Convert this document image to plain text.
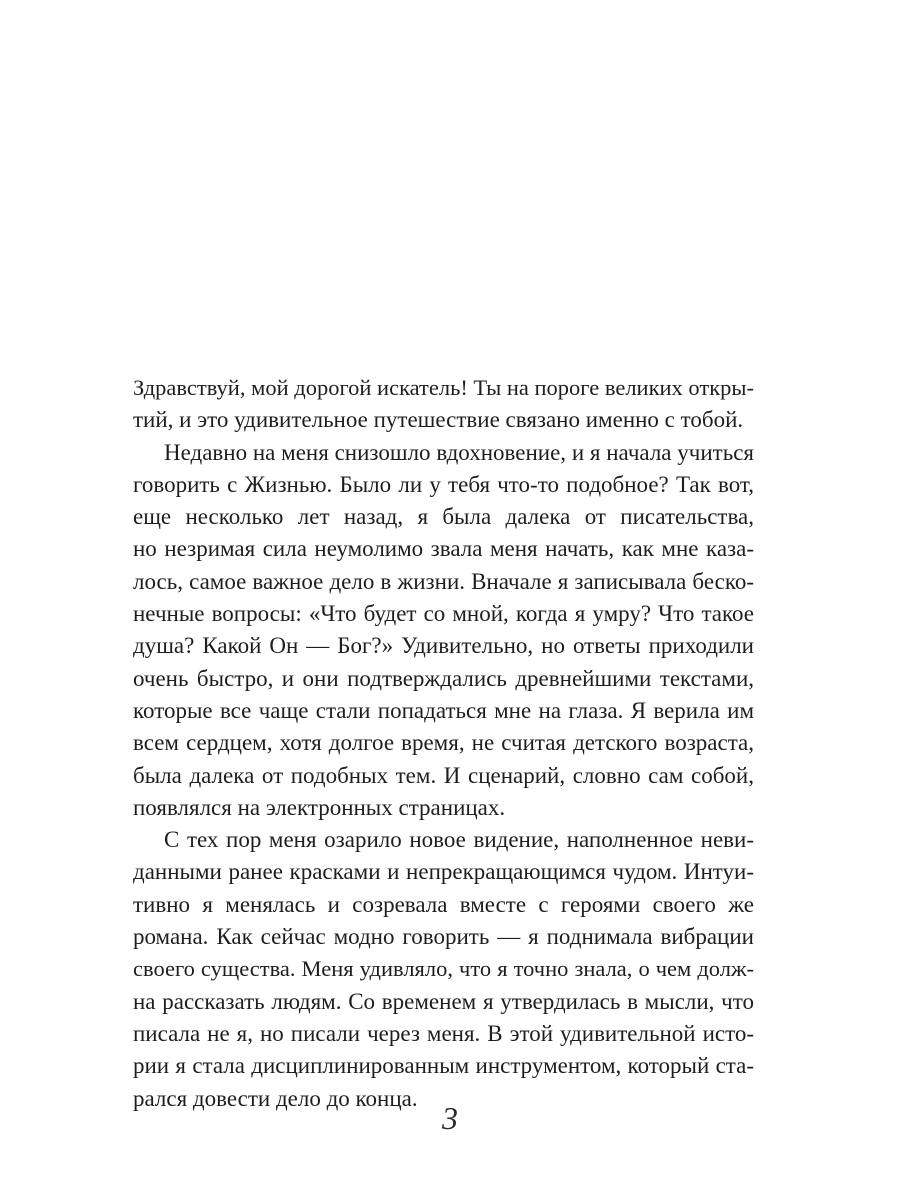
Здравствуй, мой дорогой искатель! Ты на пороге великих откры-
тий, и это удивительное путешествие связано именно с тобой.
Недавно на меня снизошло вдохновение, и я начала учиться
говорить с Жизнью. Было ли у тебя что-то подобное? Так вот,
еще несколько лет назад, я была далека от писательства,
но незримая сила неумолимо звала меня начать, как мне каза-
лось, самое важное дело в жизни. Вначале я записывала беско-
нечные вопросы: «Что будет со мной, когда я умру? Что такое
душа? Какой Он — Бог?» Удивительно, но ответы приходили
очень быстро, и они подтверждались древнейшими текстами,
которые все чаще стали попадаться мне на глаза. Я верила им
всем сердцем, хотя долгое время, не считая детского возраста,
была далека от подобных тем. И сценарий, словно сам собой,
появлялся на электронных страницах.
С тех пор меня озарило новое видение, наполненное неви-
данными ранее красками и непрекращающимся чудом. Интуи-
тивно я менялась и созревала вместе с героями своего же
романа. Как сейчас модно говорить — я поднимала вибрации
своего существа. Меня удивляло, что я точно знала, о чем долж-
на рассказать людям. Со временем я утвердилась в мысли, что
писала не я, но писали через меня. В этой удивительной исто-
рии я стала дисциплинированным инструментом, который ста-
рался довести дело до конца.
3
